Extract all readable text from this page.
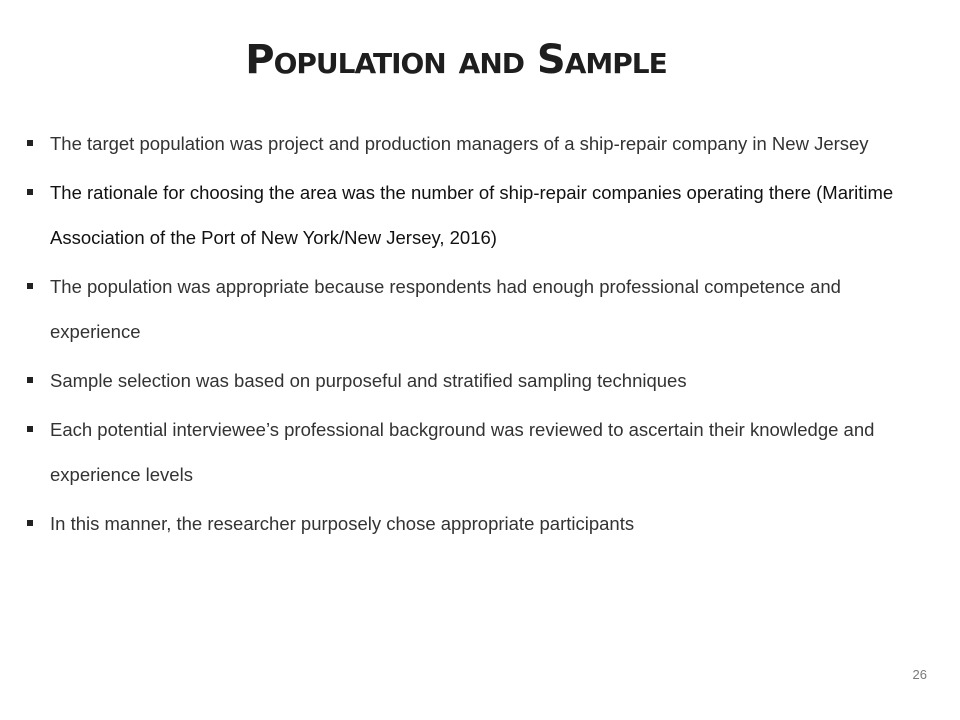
Population and Sample
The target population was project and production managers of a ship-repair company in New Jersey
The rationale for choosing the area was the number of ship-repair companies operating there (Maritime Association of the Port of New York/New Jersey, 2016)
The population was appropriate because respondents had enough professional competence and experience
Sample selection was based on purposeful and stratified sampling techniques
Each potential interviewee’s professional background was reviewed to ascertain their knowledge and experience levels
In this manner, the researcher purposely chose appropriate participants
26
